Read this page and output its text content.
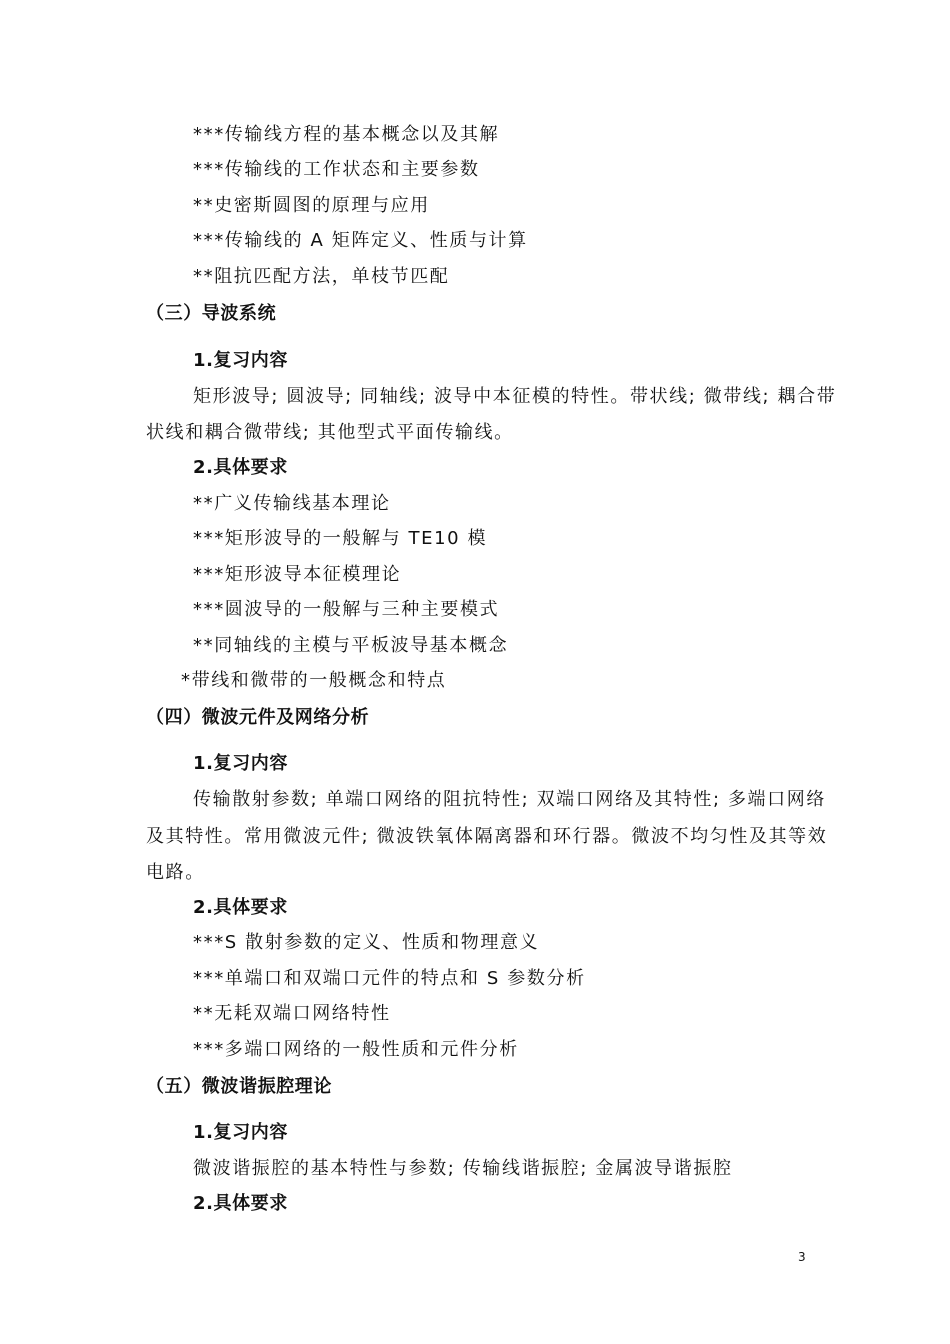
***传输线方程的基本概念以及其解
***传输线的工作状态和主要参数
**史密斯圆图的原理与应用
***传输线的 A 矩阵定义、性质与计算
**阻抗匹配方法，单枝节匹配
（三）导波系统
1.复习内容
矩形波导; 圆波导; 同轴线; 波导中本征模的特性。带状线; 微带线; 耦合带
状线和耦合微带线; 其他型式平面传输线。
2.具体要求
**广义传输线基本理论
***矩形波导的一般解与 TE10 模
***矩形波导本征模理论
***圆波导的一般解与三种主要模式
**同轴线的主模与平板波导基本概念
*带线和微带的一般概念和特点
（四）微波元件及网络分析
1.复习内容
传输散射参数; 单端口网络的阻抗特性; 双端口网络及其特性; 多端口网络
及其特性。常用微波元件; 微波铁氧体隔离器和环行器。微波不均匀性及其等效
电路。
2.具体要求
***S 散射参数的定义、性质和物理意义
***单端口和双端口元件的特点和 S 参数分析
**无耗双端口网络特性
***多端口网络的一般性质和元件分析
（五）微波谐振腔理论
1.复习内容
微波谐振腔的基本特性与参数; 传输线谐振腔; 金属波导谐振腔
2.具体要求
3
